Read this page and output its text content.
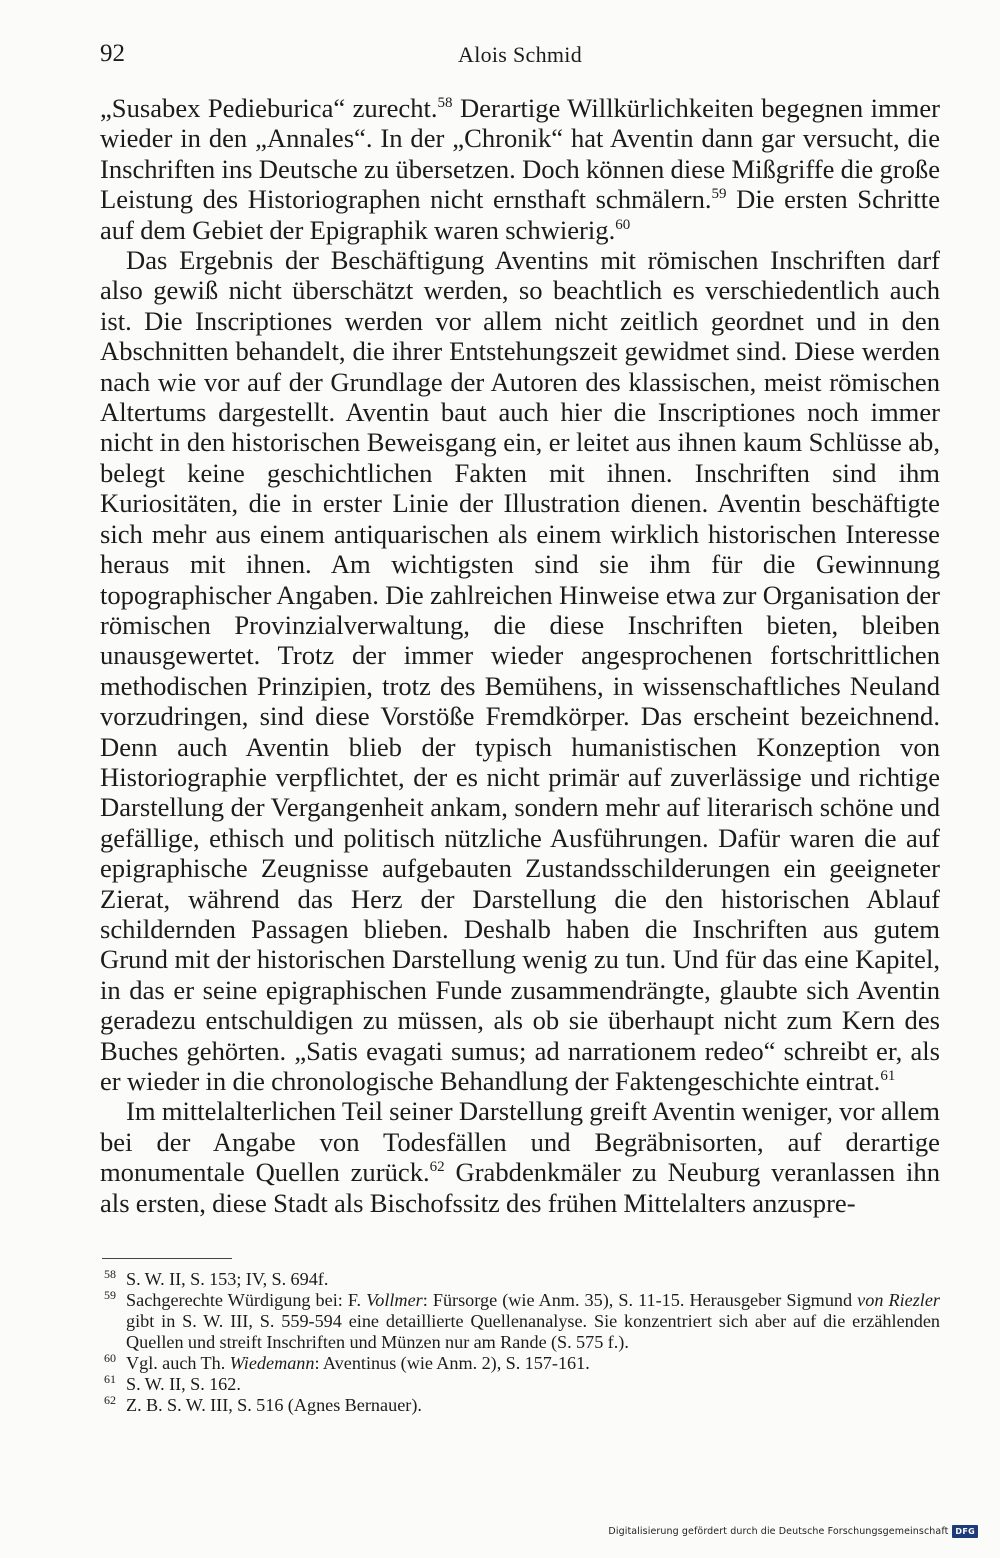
92	Alois Schmid

„Susabex Pedieburica“ zurecht.$^{58}$ Derartige Willkürlichkeiten begegnen immer wieder in den „Annales“. In der „Chronik“ hat Aventin dann gar versucht, die Inschriften ins Deutsche zu übersetzen. Doch können diese Mißgriffe die große Leistung des Historiographen nicht ernsthaft schmälern.$^{59}$ Die ersten Schritte auf dem Gebiet der Epigraphik waren schwierig.$^{60}$

Das Ergebnis der Beschäftigung Aventins mit römischen Inschriften darf also gewiß nicht überschätzt werden, so beachtlich es verschiedentlich auch ist. Die Inscriptiones werden vor allem nicht zeitlich geordnet und in den Abschnitten behandelt, die ihrer Entstehungszeit gewidmet sind. Diese werden nach wie vor auf der Grundlage der Autoren des klassischen, meist römischen Altertums dargestellt. Aventin baut auch hier die Inscriptiones noch immer nicht in den historischen Beweisgang ein, er leitet aus ihnen kaum Schlüsse ab, belegt keine geschichtlichen Fakten mit ihnen. Inschriften sind ihm Kuriositäten, die in erster Linie der Illustration dienen. Aventin beschäftigte sich mehr aus einem antiquarischen als einem wirklich historischen Interesse heraus mit ihnen. Am wichtigsten sind sie ihm für die Gewinnung topographischer Angaben. Die zahlreichen Hinweise etwa zur Organisation der römischen Provinzialverwaltung, die diese Inschriften bieten, bleiben unausgewertet. Trotz der immer wieder angesprochenen fortschrittlichen methodischen Prinzipien, trotz des Bemühens, in wissenschaftliches Neuland vorzudringen, sind diese Vorstöße Fremdkörper. Das erscheint bezeichnend. Denn auch Aventin blieb der typisch humanistischen Konzeption von Historiographie verpflichtet, der es nicht primär auf zuverlässige und richtige Darstellung der Vergangenheit ankam, sondern mehr auf literarisch schöne und gefällige, ethisch und politisch nützliche Ausführungen. Dafür waren die auf epigraphische Zeugnisse aufgebauten Zustandsschilderungen ein geeigneter Zierat, während das Herz der Darstellung die den historischen Ablauf schildernden Passagen blieben. Deshalb haben die Inschriften aus gutem Grund mit der historischen Darstellung wenig zu tun. Und für das eine Kapitel, in das er seine epigraphischen Funde zusammendrängte, glaubte sich Aventin geradezu entschuldigen zu müssen, als ob sie überhaupt nicht zum Kern des Buches gehörten. „Satis evagati sumus; ad narrationem redeo“ schreibt er, als er wieder in die chronologische Behandlung der Faktengeschichte eintrat.$^{61}$

Im mittelalterlichen Teil seiner Darstellung greift Aventin weniger, vor allem bei der Angabe von Todesfällen und Begräbnisorten, auf derartige monumentale Quellen zurück.$^{62}$ Grabdenkmäler zu Neuburg veranlassen ihn als ersten, diese Stadt als Bischofssitz des frühen Mittelalters anzuspre-

58 S. W. II, S. 153; IV, S. 694f.
59 Sachgerechte Würdigung bei: F. Vollmer: Fürsorge (wie Anm. 35), S. 11-15. Herausgeber Sigmund von Riezler gibt in S. W. III, S. 559-594 eine detaillierte Quellenanalyse. Sie konzentriert sich aber auf die erzählenden Quellen und streift Inschriften und Münzen nur am Rande (S. 575 f.).
60 Vgl. auch Th. Wiedemann: Aventinus (wie Anm. 2), S. 157-161.
61 S. W. II, S. 162.
62 Z. B. S. W. III, S. 516 (Agnes Bernauer).
Digitalisierung gefördert durch die Deutsche Forschungsgemeinschaft DFG
